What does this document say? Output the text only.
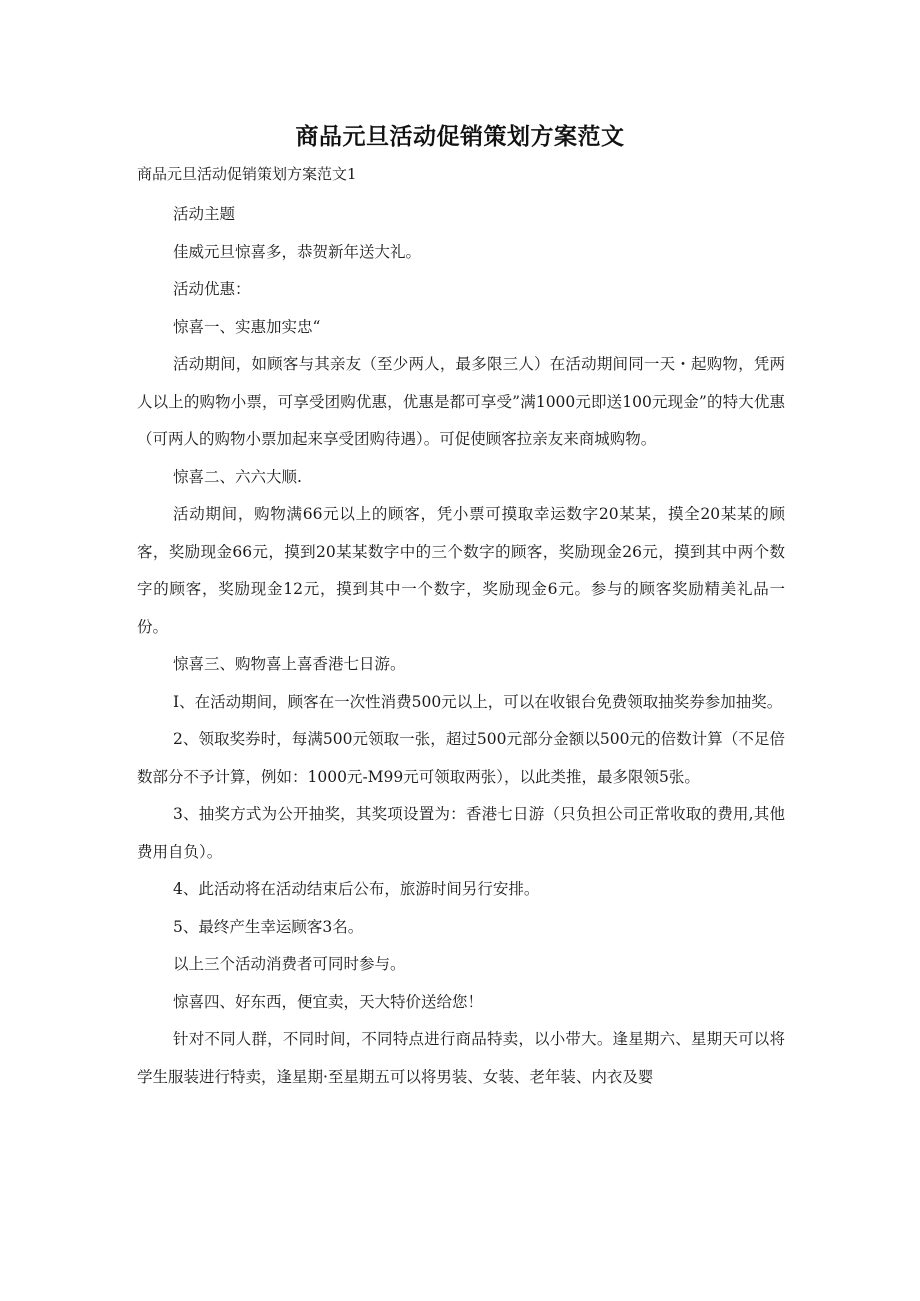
商品元旦活动促销策划方案范文
商品元旦活动促销策划方案范文1

活动主题

佳威元旦惊喜多，恭贺新年送大礼。

活动优惠：

惊喜一、实惠加实忠“

活动期间，如顾客与其亲友（至少两人，最多限三人）在活动期间同一天・起购物，凭两人以上的购物小票，可享受团购优惠，优惠是都可享受”满1000元即送100元现金”的特大优惠（可两人的购物小票加起来享受团购待遇）。可促使顾客拉亲友来商城购物。

惊喜二、六六大顺.

活动期间，购物满66元以上的顾客，凭小票可摸取幸运数字20某某，摸全20某某的顾客，奖励现金66元，摸到20某某数字中的三个数字的顾客，奖励现金26元，摸到其中两个数字的顾客，奖励现金12元，摸到其中一个数字，奖励现金6元。参与的顾客奖励精美礼品一份。

惊喜三、购物喜上喜香港七日游。

I、在活动期间，顾客在一次性消费500元以上，可以在收银台免费领取抽奖券参加抽奖。

2、领取奖券时，每满500元领取一张，超过500元部分金额以500元的倍数计算（不足倍数部分不予计算，例如：1000元-M99元可领取两张），以此类推，最多限领5张。

3、抽奖方式为公开抽奖，其奖项设置为：香港七日游（只负担公司正常收取的费用,其他费用自负）。

4、此活动将在活动结束后公布，旅游时间另行安排。

5、最终产生幸运顾客3名。

以上三个活动消费者可同时参与。

惊喜四、好东西，便宜卖，天大特价送给您！

针对不同人群，不同时间，不同特点进行商品特卖，以小带大。逢星期六、星期天可以将学生服装进行特卖，逢星期·至星期五可以将男装、女装、老年装、内衣及婴
